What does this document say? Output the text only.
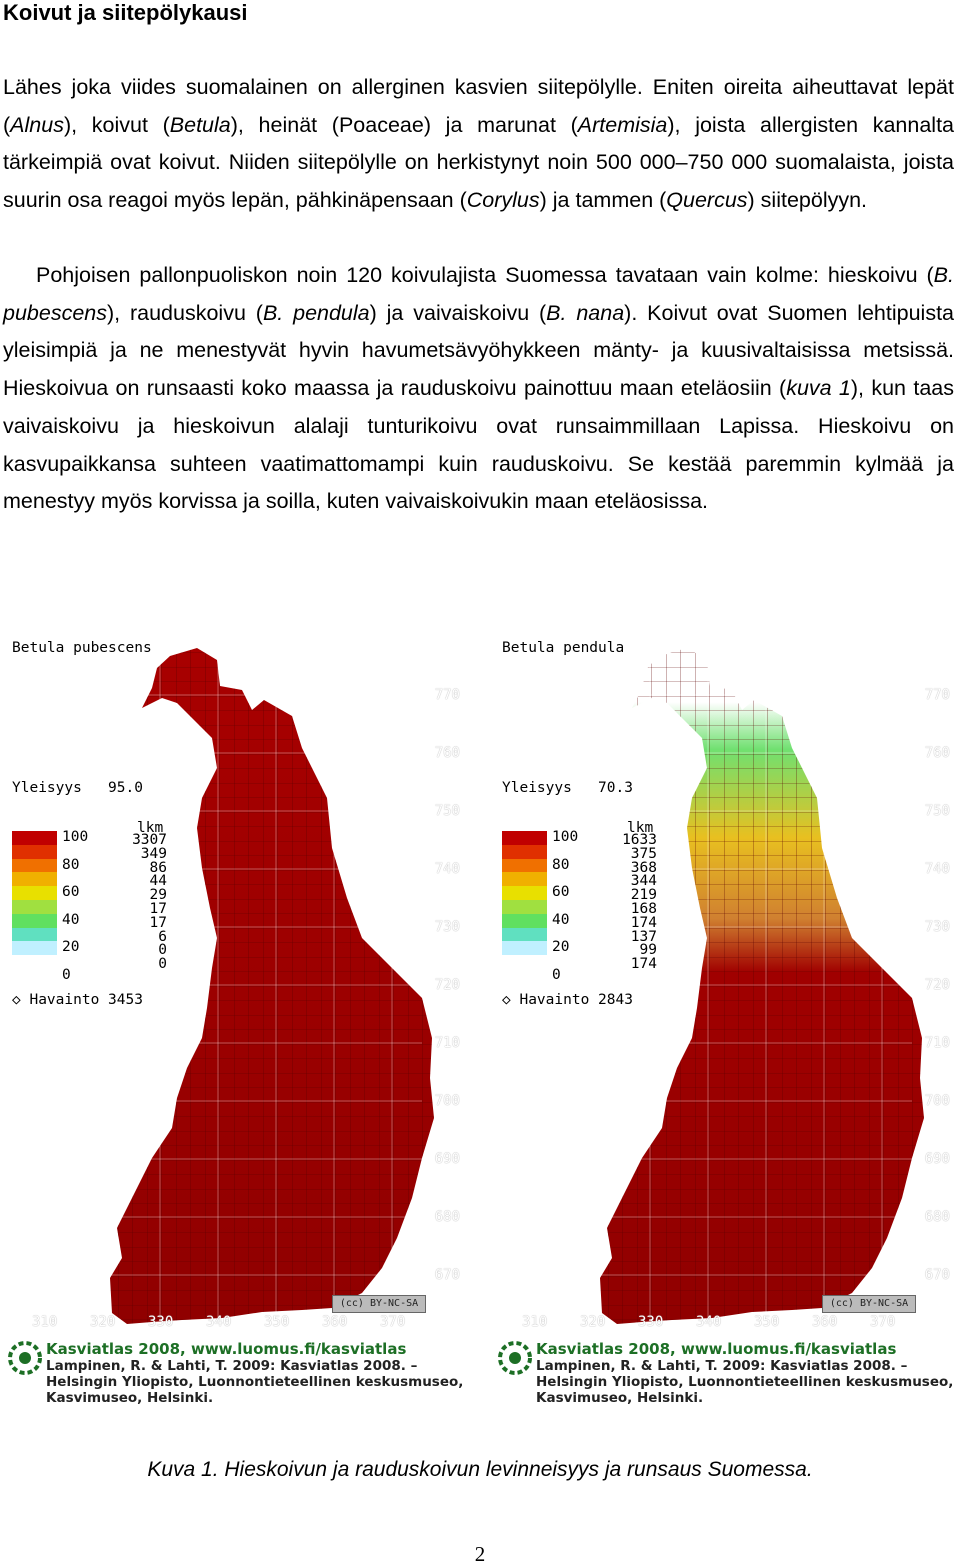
Koivut ja siitepölykausi

Lähes joka viides suomalainen on allerginen kasvien siitepölylle. Eniten oireita aiheuttavat lepät (Alnus), koivut (Betula), heinät (Poaceae) ja marunat (Artemisia), joista allergisten kannalta tärkeimpiä ovat koivut. Niiden siitepölylle on herkistynyt noin 500 000–750 000 suomalaista, joista suurin osa reagoi myös lepän, pähkinäpensaan (Corylus) ja tammen (Quercus) siitepölyyn.

Pohjoisen pallonpuoliskon noin 120 koivulajista Suomessa tavataan vain kolme: hieskoivu (B. pubescens), rauduskoivu (B. pendula) ja vaivaiskoivu (B. nana). Koivut ovat Suomen lehtipuista yleisimpiä ja ne menestyvät hyvin havumetsävyöhykkeen mänty- ja kuusivaltaisissa metsissä. Hieskoivua on runsaasti koko maassa ja rauduskoivu painottuu maan eteläosiin (kuva 1), kun taas vaivaiskoivu ja hieskoivun alalaji tunturikoivu ovat runsaimmillaan Lapissa. Hieskoivu on kasvupaikkansa suhteen vaatimattomampi kuin rauduskoivu. Se kestää paremmin kylmää ja menestyy myös korvissa ja soilla, kuten vaivaiskoivukin maan eteläosissa.

Betula pubescens
Yleisyys   95.0
lkm
100
80
60
40
20
0
3307
349
86
44
29
17
17
6
0
0
◇ Havainto 3453
770
760
750
740
730
720
710
700
690
680
670
310 320 330 340 350 360 370
(cc) BY-NC-SA
Kasviatlas 2008, www.luomus.fi/kasviatlas
Lampinen, R. & Lahti, T. 2009: Kasviatlas 2008. –
Helsingin Yliopisto, Luonnontieteellinen keskusmuseo,
Kasvimuseo, Helsinki.
Betula pendula
Yleisyys   70.3
lkm
100
80
60
40
20
0
1633
375
368
344
219
168
174
137
99
174
◇ Havainto 2843
770
760
750
740
730
720
710
700
690
680
670
310 320 330 340 350 360 370
(cc) BY-NC-SA
Kasviatlas 2008, www.luomus.fi/kasviatlas
Lampinen, R. & Lahti, T. 2009: Kasviatlas 2008. –
Helsingin Yliopisto, Luonnontieteellinen keskusmuseo,
Kasvimuseo, Helsinki.
Kuva 1. Hieskoivun ja rauduskoivun levinneisyys ja runsaus Suomessa.
2
